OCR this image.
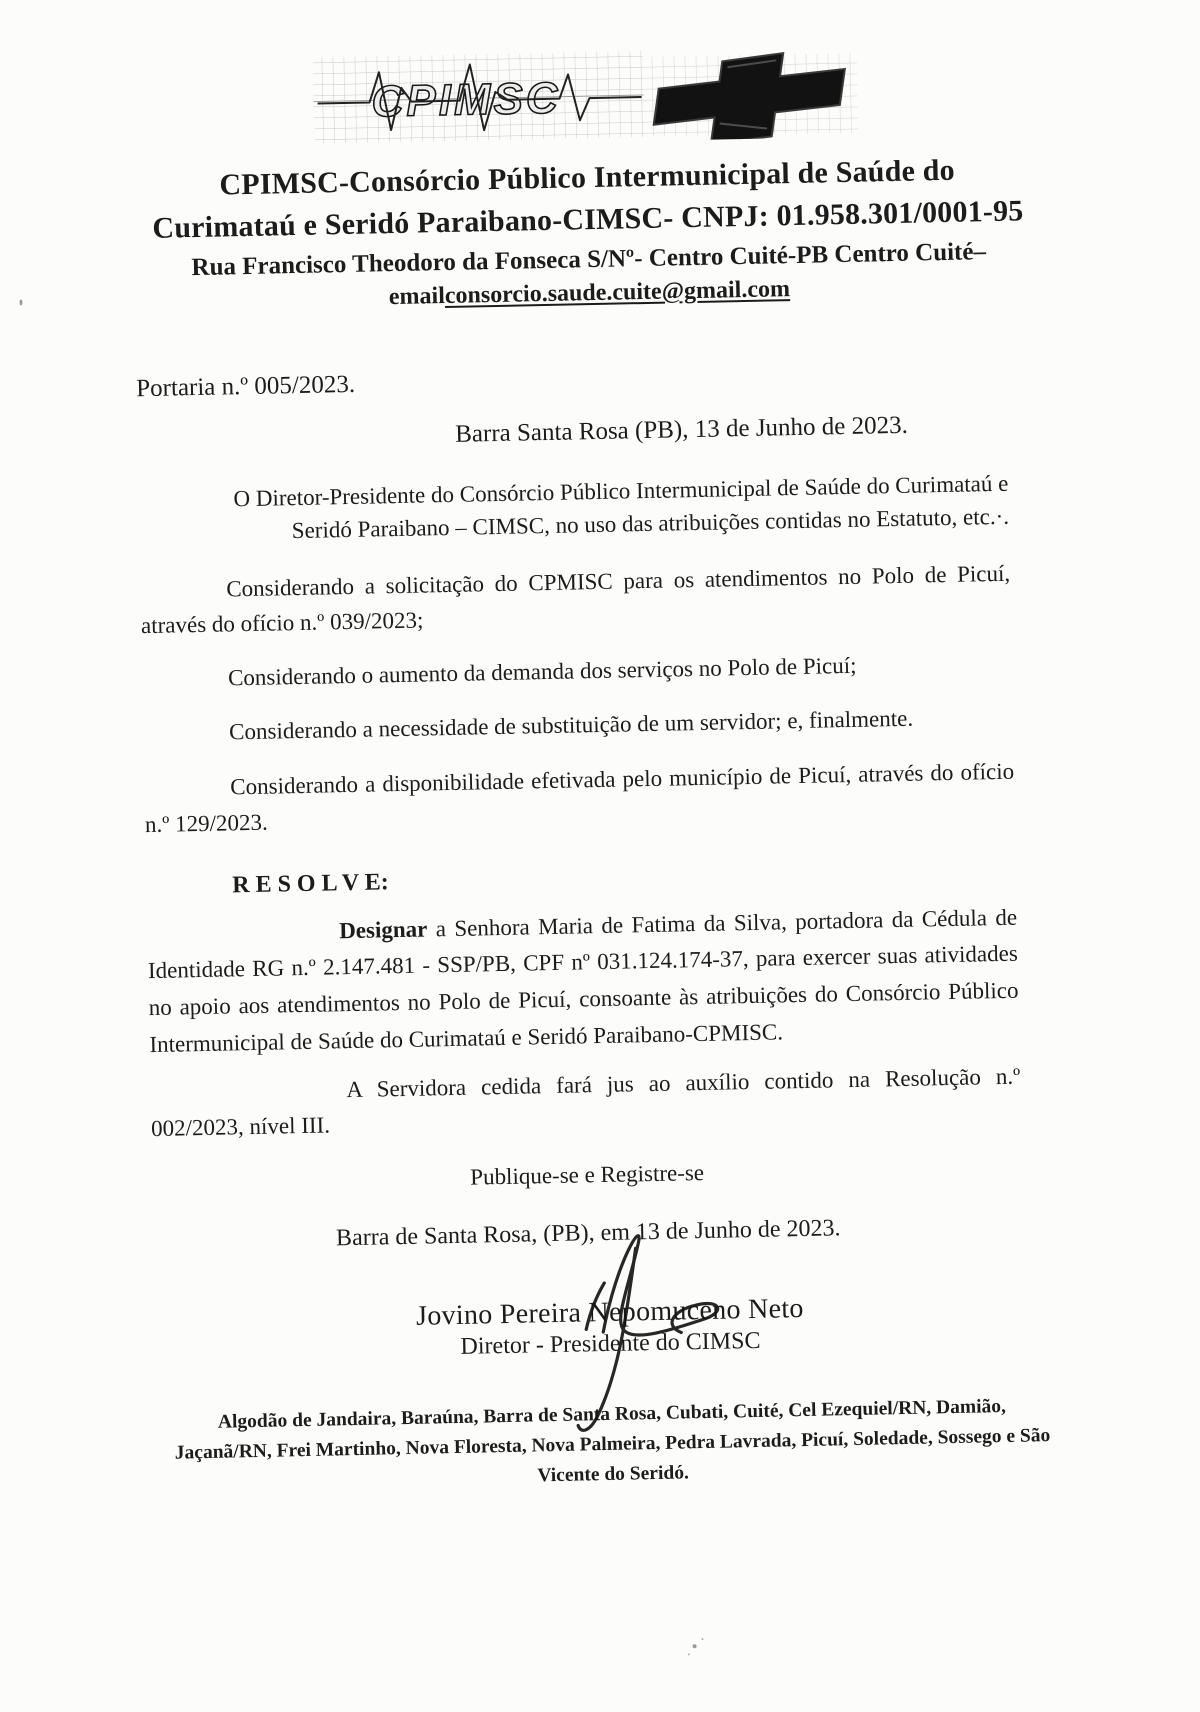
CPIMSC
CPIMSC-Consórcio Público Intermunicipal de Saúde do
Curimataú e Seridó Paraibano-CIMSC- CNPJ: 01.958.301/0001-95
Rua Francisco Theodoro da Fonseca S/Nº- Centro Cuité-PB Centro Cuité–
emailconsorcio.saude.cuite@gmail.com

Portaria n.º 005/2023.

Barra Santa Rosa (PB), 13 de Junho de 2023.

O Diretor-Presidente do Consórcio Público Intermunicipal de Saúde do Curimataú e Seridó Paraibano – CIMSC, no uso das atribuições contidas no Estatuto, etc.·.

Considerando a solicitação do CPMISC para os atendimentos no Polo de Picuí, através do ofício n.º 039/2023;

Considerando o aumento da demanda dos serviços no Polo de Picuí;

Considerando a necessidade de substituição de um servidor; e, finalmente.

Considerando a disponibilidade efetivada pelo município de Picuí, através do ofício n.º 129/2023.

R E S O L V E:

Designar a Senhora Maria de Fatima da Silva, portadora da Cédula de Identidade RG n.º 2.147.481 - SSP/PB, CPF nº 031.124.174-37, para exercer suas atividades no apoio aos atendimentos no Polo de Picuí, consoante às atribuições do Consórcio Público Intermunicipal de Saúde do Curimataú e Seridó Paraibano-CPMISC.

A Servidora cedida fará jus ao auxílio contido na Resolução n.º 002/2023, nível III.

Publique-se e Registre-se

Barra de Santa Rosa, (PB), em 13 de Junho de 2023.

Jovino Pereira Nepomuceno Neto
Diretor - Presidente do CIMSC

Algodão de Jandaira, Baraúna, Barra de Santa Rosa, Cubati, Cuité, Cel Ezequiel/RN, Damião, Jaçanã/RN, Frei Martinho, Nova Floresta, Nova Palmeira, Pedra Lavrada, Picuí, Soledade, Sossego e São Vicente do Seridó.
